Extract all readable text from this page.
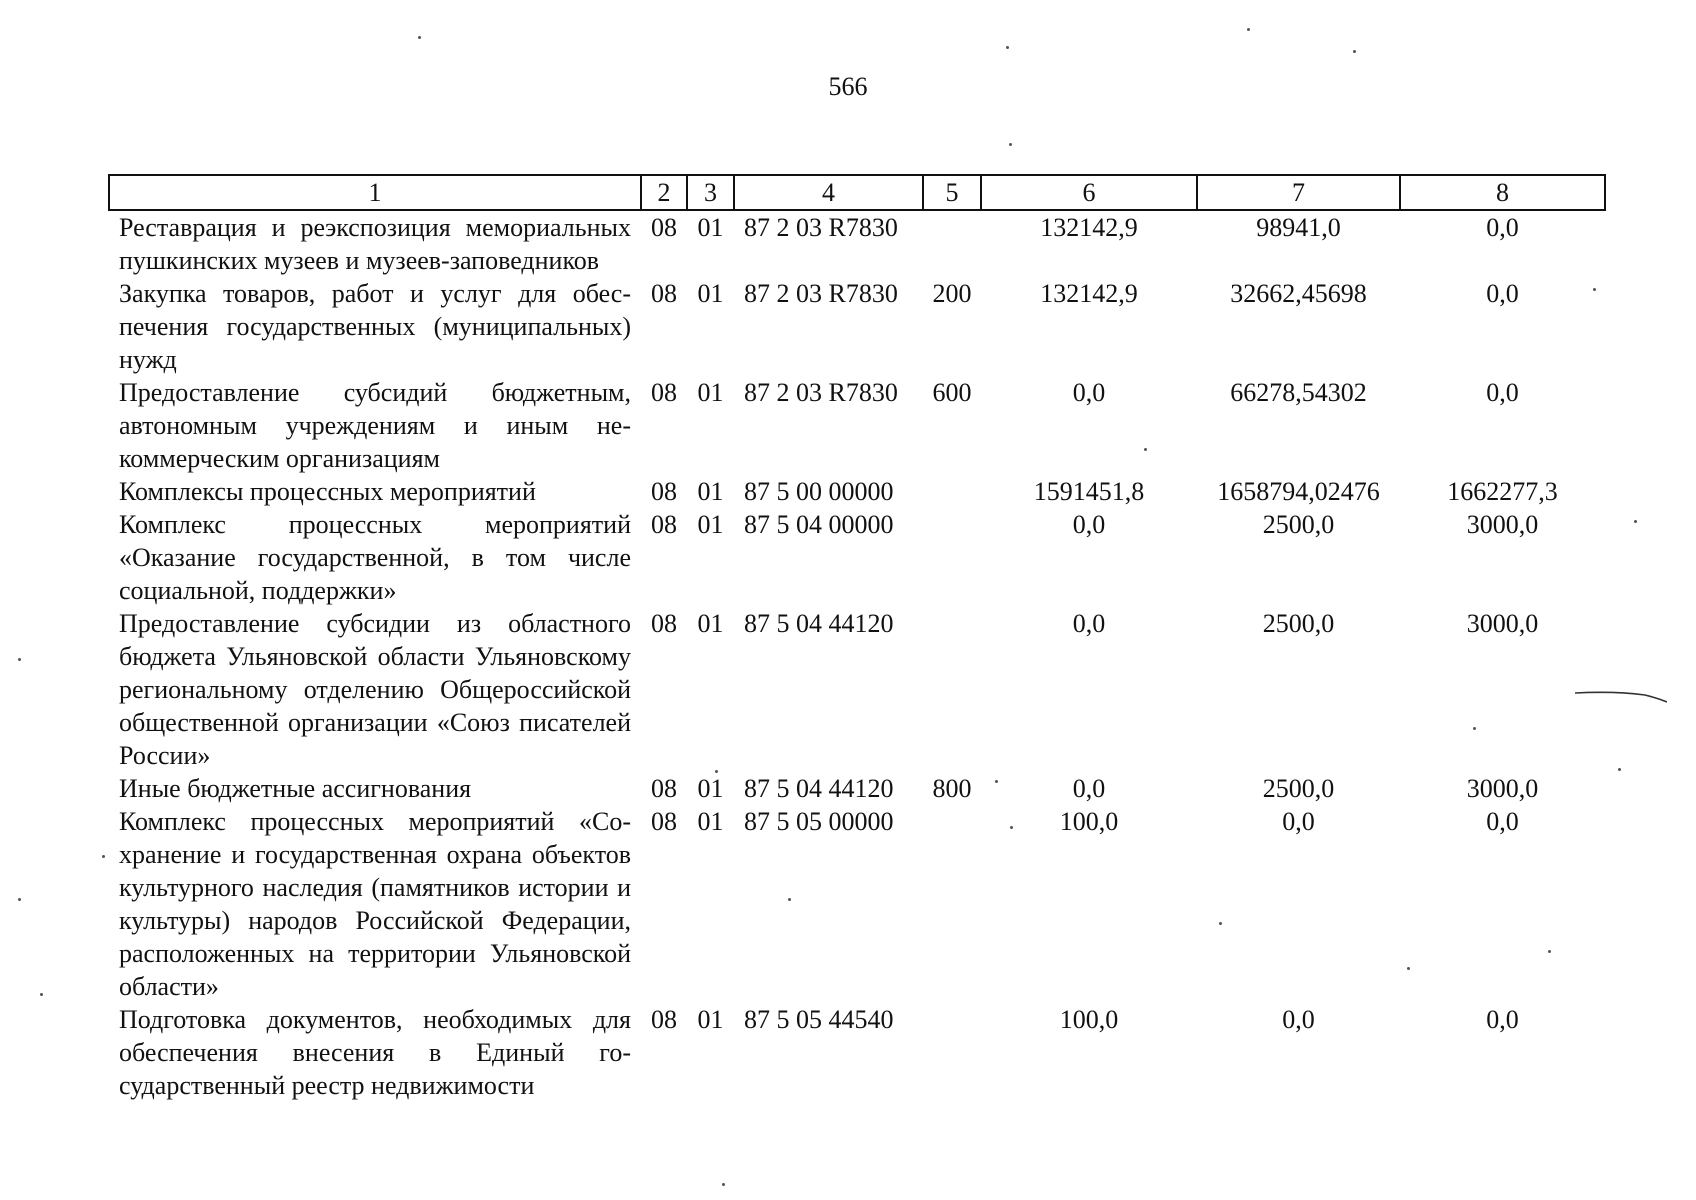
566
1	2	3	4	5	6	7	8
Реставрация и реэкспозиция мемориальных пушкинских музеев и музеев-заповедников	08	01	87 2 03 R7830		132142,9	98941,0	0,0
Закупка товаров, работ и услуг для обеспечения государственных (муниципальных) нужд	08	01	87 2 03 R7830	200	132142,9	32662,45698	0,0
Предоставление субсидий бюджетным, автономным учреждениям и иным некоммерческим организациям	08	01	87 2 03 R7830	600	0,0	66278,54302	0,0
Комплексы процессных мероприятий	08	01	87 5 00 00000		1591451,8	1658794,02476	1662277,3
Комплекс процессных мероприятий «Оказание государственной, в том числе социальной, поддержки»	08	01	87 5 04 00000		0,0	2500,0	3000,0
Предоставление субсидии из областного бюджета Ульяновской области Ульяновскому региональному отделению Общероссийской общественной организации «Союз писателей России»	08	01	87 5 04 44120		0,0	2500,0	3000,0
Иные бюджетные ассигнования	08	01	87 5 04 44120	800	0,0	2500,0	3000,0
Комплекс процессных мероприятий «Сохранение и государственная охрана объектов культурного наследия (памятников истории и культуры) народов Российской Федерации, расположенных на территории Ульяновской области»	08	01	87 5 05 00000		100,0	0,0	0,0
Подготовка документов, необходимых для обеспечения внесения в Единый государственный реестр недвижимости	08	01	87 5 05 44540		100,0	0,0	0,0
